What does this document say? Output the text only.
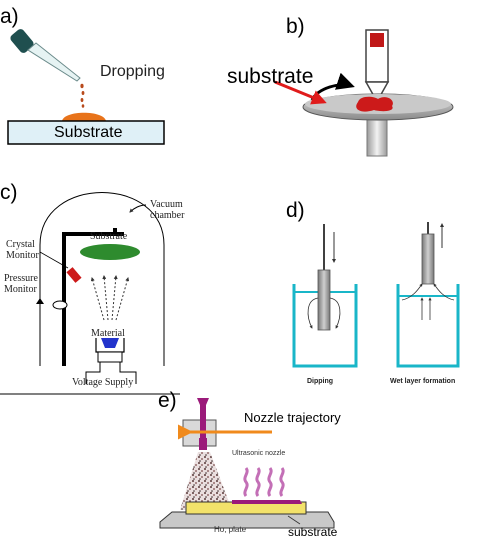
a)
Dropping
Substrate
b)
substrate
c)
Vacuum
chamber
Substrate
Crystal
Monitor
Pressure
Monitor
Material
Voltage Supply
d)
Dipping	Wet layer formation
e)
Nozzle trajectory
Ultrasonic nozzle
Ho, plate	substrate
